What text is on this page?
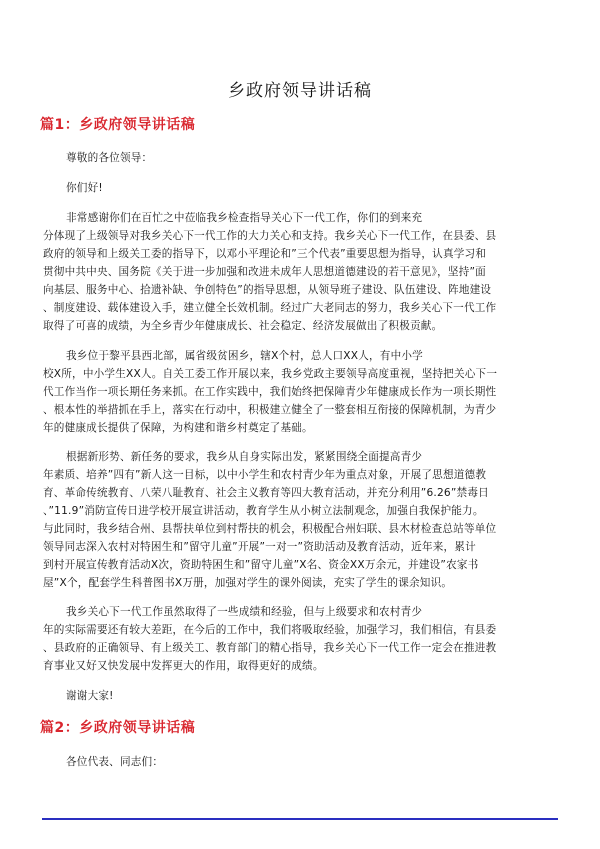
乡政府领导讲话稿
篇1：乡政府领导讲话稿
尊敬的各位领导：
你们好!
非常感谢你们在百忙之中莅临我乡检查指导关心下一代工作，你们的到来充
分体现了上级领导对我乡关心下一代工作的大力关心和支持。我乡关心下一代工作，在县委、县
政府的领导和上级关工委的指导下，以邓小平理论和”三个代表”重要思想为指导，认真学习和
贯彻中共中央、国务院《关于进一步加强和改进未成年人思想道德建设的若干意见》，坚持”面
向基层、服务中心、拾遗补缺、争创特色”的指导思想，从领导班子建设、队伍建设、阵地建设
、制度建设、载体建设入手，建立健全长效机制。经过广大老同志的努力，我乡关心下一代工作
取得了可喜的成绩，为全乡青少年健康成长、社会稳定、经济发展做出了积极贡献。
我乡位于黎平县西北部，属省级贫困乡，辖X个村，总人口XX人，有中小学
校X所，中小学生XX人。自关工委工作开展以来，我乡党政主要领导高度重视，坚持把关心下一
代工作当作一项长期任务来抓。在工作实践中，我们始终把保障青少年健康成长作为一项长期性
、根本性的举措抓在手上，落实在行动中，积极建立健全了一整套相互衔接的保障机制，为青少
年的健康成长提供了保障，为构建和谐乡村奠定了基础。
根据新形势、新任务的要求，我乡从自身实际出发，紧紧围绕全面提高青少
年素质、培养”四有”新人这一目标，以中小学生和农村青少年为重点对象，开展了思想道德教
育、革命传统教育、八荣八耻教育、社会主义教育等四大教育活动，并充分利用”6.26”禁毒日
、”11.9”消防宣传日进学校开展宣讲活动，教育学生从小树立法制观念，加强自我保护能力。
与此同时，我乡结合州、县帮扶单位到村帮扶的机会，积极配合州妇联、县木材检查总站等单位
领导同志深入农村对特困生和”留守儿童”开展”一对一”资助活动及教育活动，近年来，累计
到村开展宣传教育活动X次，资助特困生和”留守儿童”X名、资金XX万余元，并建设”农家书
屋”X个，配套学生科普图书X万册，加强对学生的课外阅读，充实了学生的课余知识。
我乡关心下一代工作虽然取得了一些成绩和经验，但与上级要求和农村青少
年的实际需要还有较大差距，在今后的工作中，我们将吸取经验，加强学习，我们相信，有县委
、县政府的正确领导、有上级关工、教育部门的精心指导，我乡关心下一代工作一定会在推进教
育事业又好又快发展中发挥更大的作用，取得更好的成绩。
谢谢大家!
篇2：乡政府领导讲话稿
各位代表、同志们：
